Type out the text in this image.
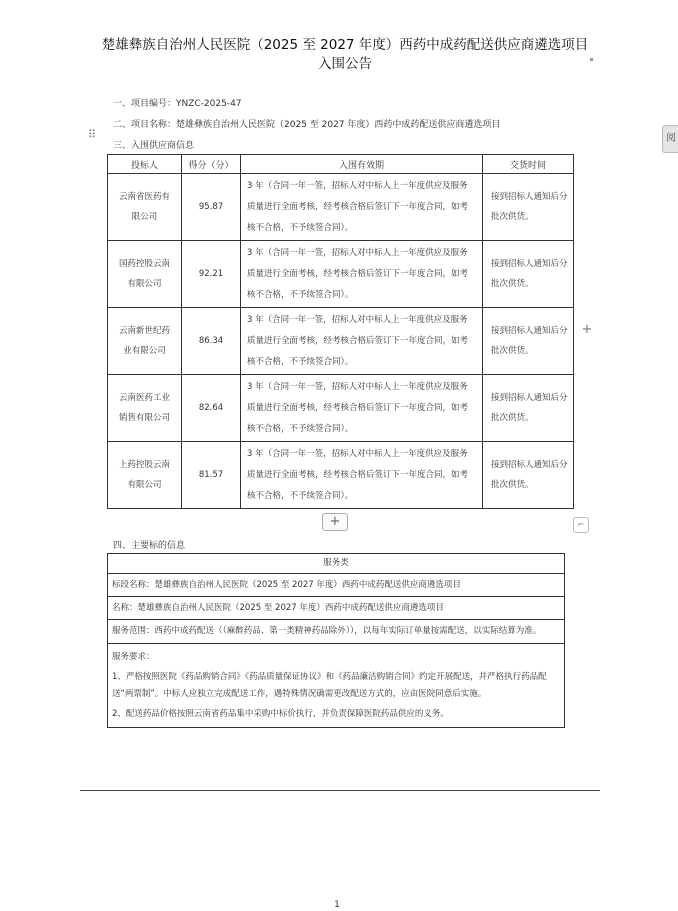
楚雄彝族自治州人民医院（2025 至 2027 年度）西药中成药配送供应商遴选项目
入围公告
一、项目编号：YNZC-2025-47
二、项目名称：楚雄彝族自治州人民医院（2025 至 2027 年度）西药中成药配送供应商遴选项目
三、入围供应商信息
⠿	阅
+
投标人	得分（分）	入围有效期	交货时间
云南省医药有限公司	95.87	3 年（合同一年一签，招标人对中标人上一年度供应及服务质量进行全面考核，经考核合格后签订下一年度合同，如考核不合格，不予续签合同）。	接到招标人通知后分批次供货。
国药控股云南有限公司	92.21	3 年（合同一年一签，招标人对中标人上一年度供应及服务质量进行全面考核，经考核合格后签订下一年度合同，如考核不合格，不予续签合同）。	接到招标人通知后分批次供货。
云南新世纪药业有限公司	86.34	3 年（合同一年一签，招标人对中标人上一年度供应及服务质量进行全面考核，经考核合格后签订下一年度合同，如考核不合格，不予续签合同）。	接到招标人通知后分批次供货。
云南医药工业销售有限公司	82.64	3 年（合同一年一签，招标人对中标人上一年度供应及服务质量进行全面考核，经考核合格后签订下一年度合同，如考核不合格，不予续签合同）。	接到招标人通知后分批次供货。
上药控股云南有限公司	81.57	3 年（合同一年一签，招标人对中标人上一年度供应及服务质量进行全面考核，经考核合格后签订下一年度合同，如考核不合格，不予续签合同）。	接到招标人通知后分批次供货。
+	⌐
四、主要标的信息
服务类
标段名称：楚雄彝族自治州人民医院（2025 至 2027 年度）西药中成药配送供应商遴选项目
名称：楚雄彝族自治州人民医院（2025 至 2027 年度）西药中成药配送供应商遴选项目
服务范围：西药中成药配送（（麻醉药品、第一类精神药品除外）），以每年实际订单量按需配送，以实际结算为准。

服务要求：
1、严格按照医院《药品购销合同》《药品质量保证协议》和《药品廉洁购销合同》约定开展配送，并严格执行药品配送“两票制”。中标人应独立完成配送工作，遇特殊情况确需更改配送方式的，应由医院同意后实施。
2、配送药品价格按照云南省药品集中采购中标价执行，并负责保障医院药品供应的义务。
1
